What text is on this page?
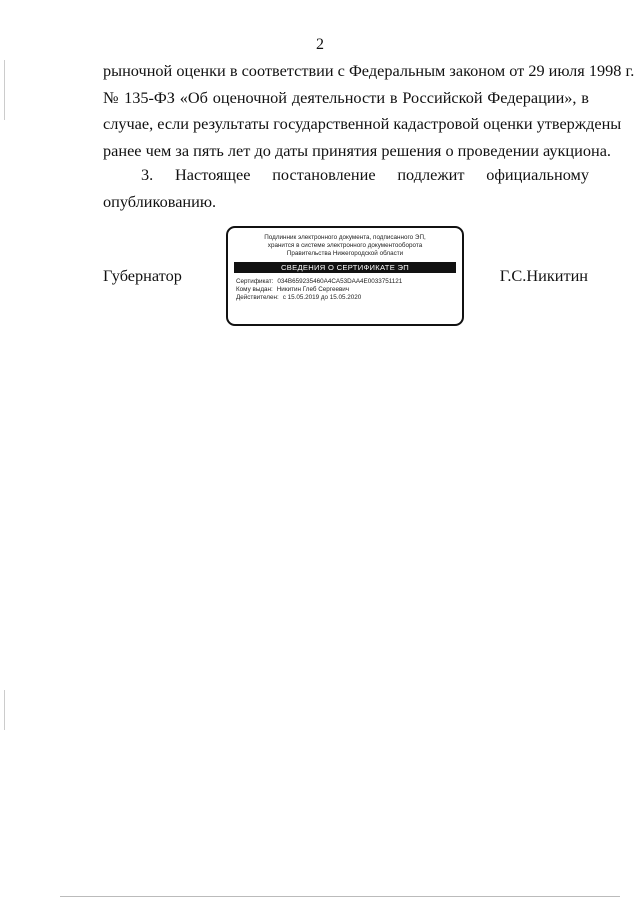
2
рыночной оценки в соответствии с Федеральным законом от 29 июля 1998 г.
№ 135-ФЗ «Об оценочной деятельности в Российской Федерации», в
случае, если результаты государственной кадастровой оценки утверждены
ранее чем за пять лет до даты принятия решения о проведении аукциона.
3. Настоящее постановление подлежит официальному
опубликованию.
Губернатор	Г.С.Никитин
Подлинник электронного документа, подписанного ЭП,
хранится в системе электронного документооборота
Правительства Нижегородской области
СВЕДЕНИЯ О СЕРТИФИКАТЕ ЭП
Сертификат: 034B659235460A4CA53DAA4E0033751121
Кому выдан: Никитин Глеб Сергеевич
Действителен: с 15.05.2019 до 15.05.2020
